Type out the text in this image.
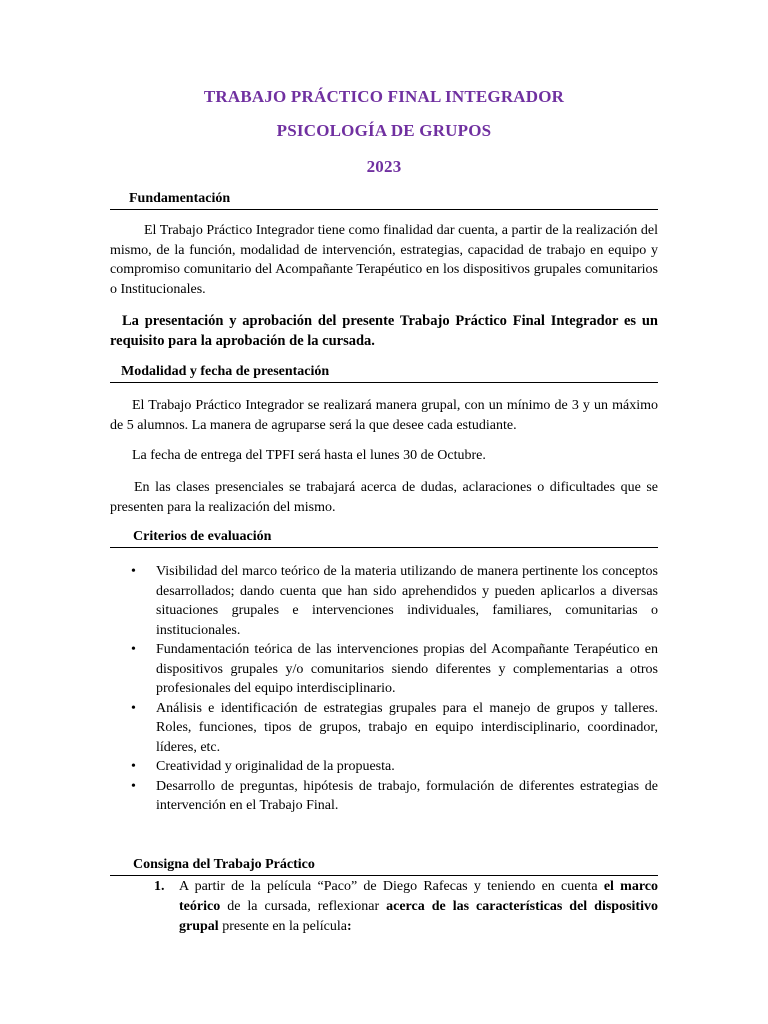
TRABAJO PRÁCTICO FINAL INTEGRADOR
PSICOLOGÍA DE GRUPOS
2023
Fundamentación
El Trabajo Práctico Integrador tiene como finalidad dar cuenta, a partir de la realización del mismo, de la función, modalidad de intervención, estrategias, capacidad de trabajo en equipo y compromiso comunitario del Acompañante Terapéutico en los dispositivos grupales comunitarios o Institucionales.
La presentación y aprobación del presente Trabajo Práctico Final Integrador es un requisito para la aprobación de la cursada.
Modalidad y fecha de presentación
El Trabajo Práctico Integrador se realizará manera grupal, con un mínimo de 3 y un máximo de 5 alumnos. La manera de agruparse será la que desee cada estudiante.
La fecha de entrega del TPFI será hasta el lunes 30 de Octubre.
En las clases presenciales se trabajará acerca de dudas, aclaraciones o dificultades que se presenten para la realización del mismo.
Criterios de evaluación
• Visibilidad del marco teórico de la materia utilizando de manera pertinente los conceptos desarrollados; dando cuenta que han sido aprehendidos y pueden aplicarlos a diversas situaciones grupales e intervenciones individuales, familiares, comunitarias o institucionales.
• Fundamentación teórica de las intervenciones propias del Acompañante Terapéutico en dispositivos grupales y/o comunitarios siendo diferentes y complementarias a otros profesionales del equipo interdisciplinario.
• Análisis e identificación de estrategias grupales para el manejo de grupos y talleres. Roles, funciones, tipos de grupos, trabajo en equipo interdisciplinario, coordinador, líderes, etc.
• Creatividad y originalidad de la propuesta.
• Desarrollo de preguntas, hipótesis de trabajo, formulación de diferentes estrategias de intervención en el Trabajo Final.
Consigna del Trabajo Práctico
1. A partir de la película “Paco” de Diego Rafecas y teniendo en cuenta el marco teórico de la cursada, reflexionar acerca de las características del dispositivo grupal presente en la película:
